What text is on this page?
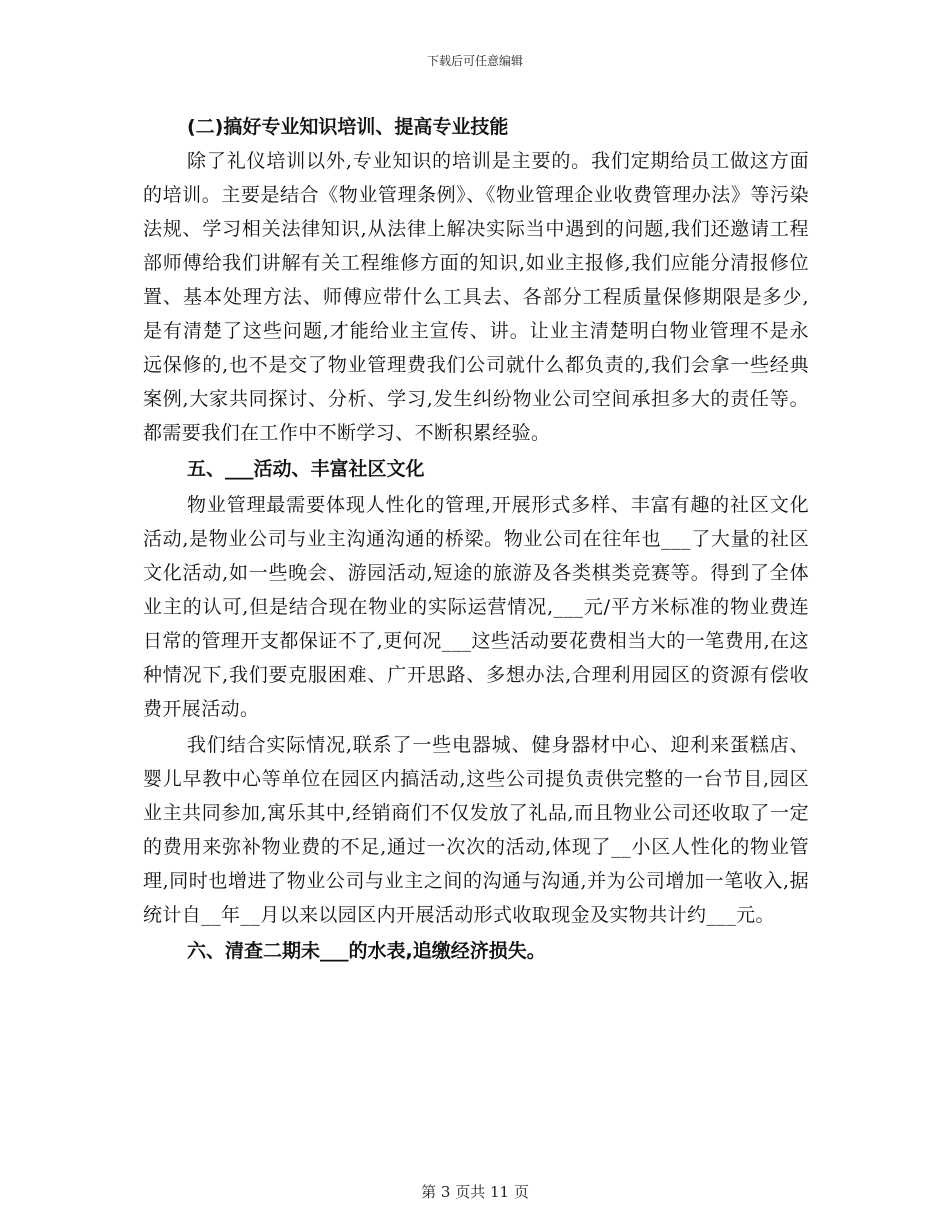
下载后可任意编辑
(二)搞好专业知识培训、提高专业技能

除了礼仪培训以外,专业知识的培训是主要的。我们定期给员工做这方面的培训。主要是结合《物业管理条例》、《物业管理企业收费管理办法》等污染法规、学习相关法律知识,从法律上解决实际当中遇到的问题,我们还邀请工程部师傅给我们讲解有关工程维修方面的知识,如业主报修,我们应能分清报修位置、基本处理方法、师傅应带什么工具去、各部分工程质量保修期限是多少,是有清楚了这些问题,才能给业主宣传、讲。让业主清楚明白物业管理不是永远保修的,也不是交了物业管理费我们公司就什么都负责的,我们会拿一些经典案例,大家共同探讨、分析、学习,发生纠纷物业公司空间承担多大的责任等。都需要我们在工作中不断学习、不断积累经验。

五、___活动、丰富社区文化

物业管理最需要体现人性化的管理,开展形式多样、丰富有趣的社区文化活动,是物业公司与业主沟通沟通的桥梁。物业公司在往年也___了大量的社区文化活动,如一些晚会、游园活动,短途的旅游及各类棋类竞赛等。得到了全体业主的认可,但是结合现在物业的实际运营情况,___元/平方米标准的物业费连日常的管理开支都保证不了,更何况___这些活动要花费相当大的一笔费用,在这种情况下,我们要克服困难、广开思路、多想办法,合理利用园区的资源有偿收费开展活动。

我们结合实际情况,联系了一些电器城、健身器材中心、迎利来蛋糕店、婴儿早教中心等单位在园区内搞活动,这些公司提负责供完整的一台节目,园区业主共同参加,寓乐其中,经销商们不仅发放了礼品,而且物业公司还收取了一定的费用来弥补物业费的不足,通过一次次的活动,体现了__小区人性化的物业管理,同时也增进了物业公司与业主之间的沟通与沟通,并为公司增加一笔收入,据统计自__年__月以来以园区内开展活动形式收取现金及实物共计约___元。

六、清查二期未___的水表,追缴经济损失。
第 3 页共 11 页
